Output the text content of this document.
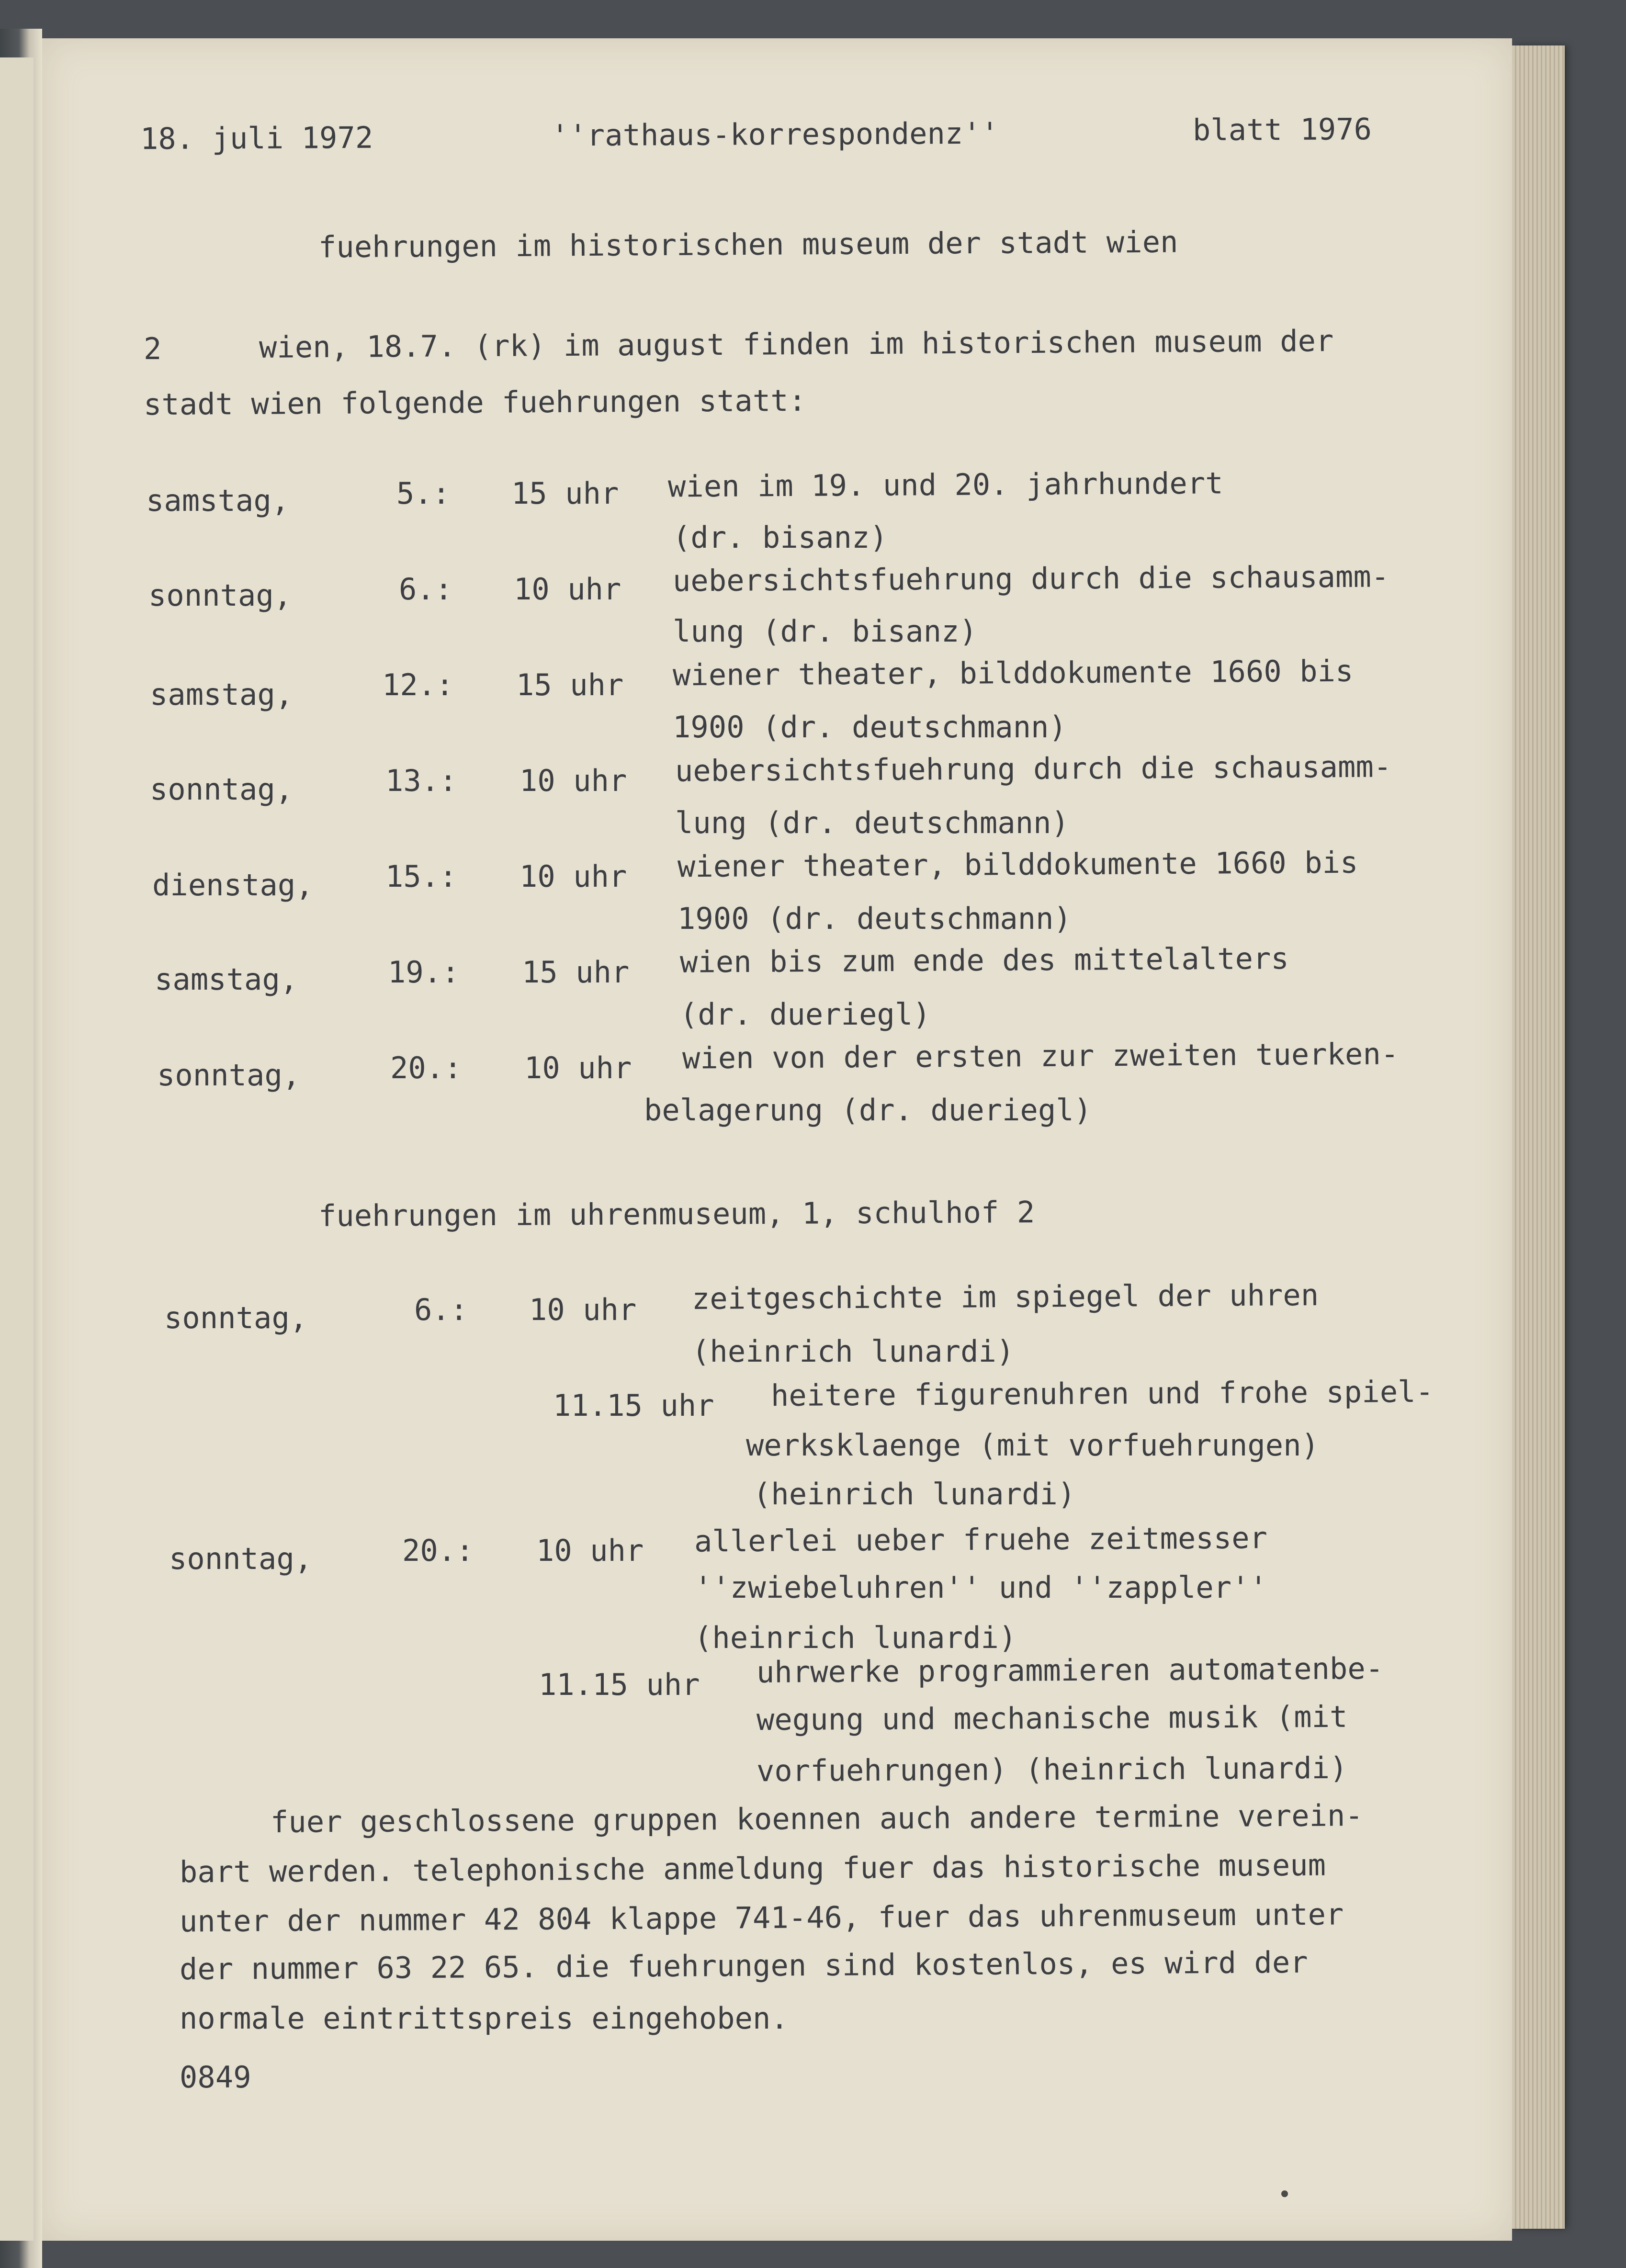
18. juli 1972	''rathaus-korrespondenz''	blatt 1976

fuehrungen im historischen museum der stadt wien

2	wien, 18.7. (rk) im august finden im historischen museum der

stadt wien folgende fuehrungen statt:

samstag,	5.: 15 uhr wien im 19. und 20. jahrhundert

(dr. bisanz)

sonntag,	6.: 10 uhr uebersichtsfuehrung durch die schausamm-

lung (dr. bisanz)

samstag,	12.: 15 uhr wiener theater, bilddokumente 1660 bis

1900 (dr. deutschmann)

sonntag,	13.: 10 uhr uebersichtsfuehrung durch die schausamm-

lung (dr. deutschmann)

dienstag, 15.: 10 uhr wiener theater, bilddokumente 1660 bis

1900 (dr. deutschmann)

samstag,	19.: 15 uhr wien bis zum ende des mittelalters

(dr. dueriegl)

sonntag,	20.: 10 uhr wien von der ersten zur zweiten tuerken-

belagerung (dr. dueriegl)

fuehrungen im uhrenmuseum, 1, schulhof 2

sonntag,	6.: 10 uhr zeitgeschichte im spiegel der uhren

(heinrich lunardi)

11.15 uhr heitere figurenuhren und frohe spiel-

werksklaenge (mit vorfuehrungen)

(heinrich lunardi)

sonntag,	20.: 10 uhr allerlei ueber fruehe zeitmesser

''zwiebeluhren'' und ''zappler''

(heinrich lunardi)

11.15 uhr uhrwerke programmieren automatenbe-

wegung und mechanische musik (mit

vorfuehrungen) (heinrich lunardi)

fuer geschlossene gruppen koennen auch andere termine verein-

bart werden. telephonische anmeldung fuer das historische museum

unter der nummer 42 804 klappe 741-46, fuer das uhrenmuseum unter

der nummer 63 22 65. die fuehrungen sind kostenlos, es wird der

normale eintrittspreis eingehoben.

0849
